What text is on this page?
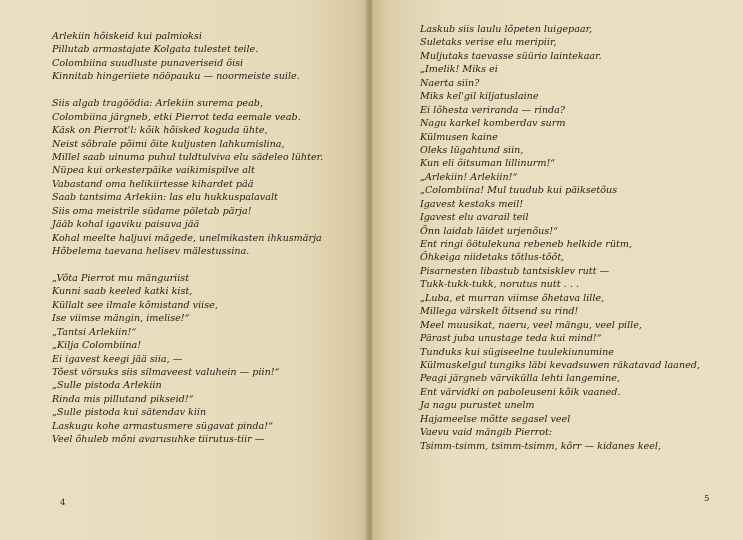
Arlekiin hõiskeid kui palmioksi
Pillutab armastajate Kolgata tulestet teile.
Colombiina suudluste punaveriseid õisi
Kinnitab hingeriiete nööpauku — noormeiste suile.
Siis algab tragöödia: Arlekiin surema peab,
Colombiina järgneb, etki Pierrot teda eemale veab.
Käsk on Pierrot'l: kõik hõisked koguda ühte,
Neist sõbrale põimi õite kuljusten lahkumislina,
Millel saab uinuma puhul tuldtulviva elu sädeleo lühter.
Nüpea kui orkesterpäike vaikimispilve alt
Vabastand oma helikiirtesse kihardet pää
Saab tantsima Arlekiin: las elu hukkuspalavalt
Siis oma meistrile südame pöletab pärja!
Jääb kohal igaviku paisuva jää
Kohal meelte haljuvi mägede, unelmikasten ihkusmärja
Hõbelema taevana helisev mälestussina.
„Võta Pierrot mu mänguriist
Kunni saab keeled katki kist,
Küllalt see ilmale kõmistand viise,
Ise viimse mängin, imelise!“
„Tantsi Arlekiin!“
„Kilja Colombiina!
Ei igavest keegi jää siia, —
Tõest vörsuks siis silmaveest valuhein — piin!“
„Sulle pistoda Arlekiin
Rinda mis pillutand pikseid!“
„Sulle pistoda kui sätendav kiin
Laskugu kohe armastusmere sügavat pinda!“
Veel õhuleb mõni avarusuhke tiirutus-tiir —
4
Laskub siis laulu lõpeten luigepaar,
Suletaks verise elu meripiir,
Muljutaks taevasse süürio laintekaar.
„Imelik! Miks ei
Naerta siin?
Miks kel'gil kiljatuslaine
Ei lõhesta veriranda — rinda?
Nagu karkel komberdav surm
Külmusen kaine
Oleks lügahtund siin,
Kun eli õitsuman lillinurm!“
„Arlekiin! Arlekiin!“
„Colombiina! Mul tuudub kui päiksetõus
Igavest kestaks meil!
Igavest elu avarail teil
Õnn laidab läidet urjenõus!“
Ent ringi õötulekuna rebeneb helkide rütm,
Õhkeiga niidetaks tõtlus-tõõt,
Pisarnesten libastub tantsisklev rutt —
Tukk-tukk-tukk, norutus nutt . . .
„Luba, et murran viimse õhetava lille,
Millega värskelt õitsend su rind!
Meel muusikat, naeru, veel mängu, veel pille,
Pärast juba unustage teda kui mind!“
Tunduks kui sügiseelne tuulekiunumine
Külmuskelgul tungiks läbi kevadsuwen räkatavad laaned,
Peagi järgneb värvikülla lehti langemine,
Ent värvidki on paboleuseni kõik vaaned.
Ja nagu purustet unelm
Hajameelse mõtte segasel veel
Vaevu vaid mängib Pierrot:
Tsimm-tsimm, tsimm-tsimm, kõrr — kidanes keel,
5
